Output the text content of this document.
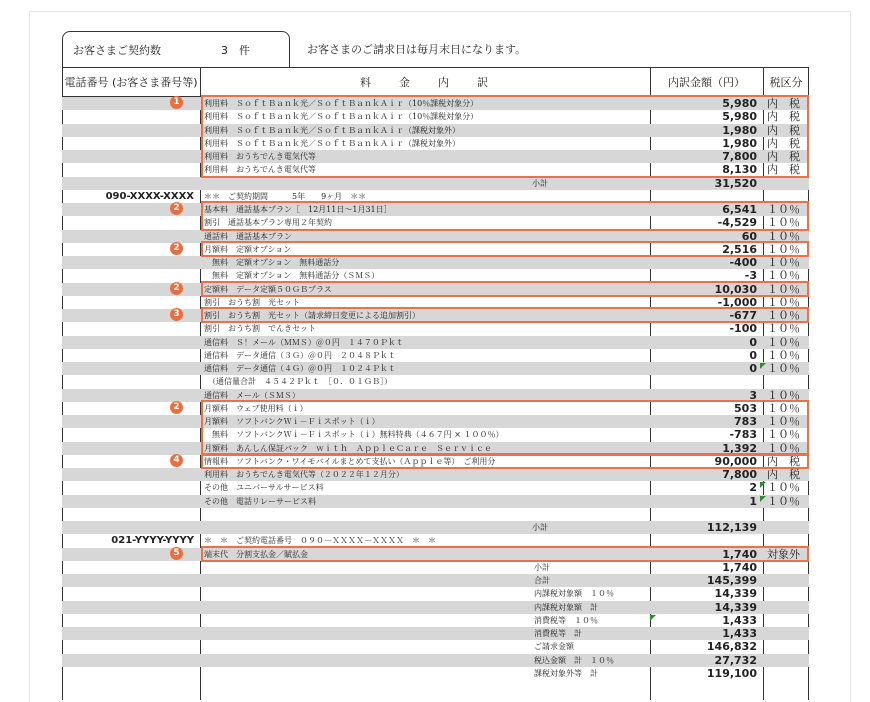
お客さまご契約数	3　件	お客さまのご請求日は毎月末日になります。
電話番号 (お客さま番号等)	料　　金　　内　　訳	内訳金額（円）	税区分
利用料　ＳｏｆｔＢａｎｋ光／ＳｏｆｔＢａｎｋＡｉｒ（10％課税対象分）	5,980 内　税
利用料　ＳｏｆｔＢａｎｋ光／ＳｏｆｔＢａｎｋＡｉｒ（10％課税対象分）	5,980 内　税
利用料　ＳｏｆｔＢａｎｋ光／ＳｏｆｔＢａｎｋＡｉｒ（課税対象外）	1,980 内　税
利用料　ＳｏｆｔＢａｎｋ光／ＳｏｆｔＢａｎｋＡｉｒ（課税対象外）	1,980 内　税
利用料　おうちでんき電気代等	7,800 内　税
利用料　おうちでんき電気代等	8,130 内　税
小計	31,520
090-XXXX-XXXX	＊＊　ご契約期間　　　5年　　9ヶ月　＊＊
基本料　通話基本プラン［　12月11日〜1月31日］	6,541 １０％
割引　通話基本プラン専用２年契約	-4,529 １０％
通話料　通話基本プラン	60 １０％
月額料　定額オプション	2,516 １０％
　無料　定額オプション　無料通話分	-400 １０％
　無料　定額オプション　無料通話分（ＳＭＳ）	-3 １０％
定額料　データ定額５０ＧＢプラス	10,030 １０％
割引　おうち割　光セット	-1,000 １０％
割引　おうち割　光セット（請求締日変更による追加割引）	-677 １０％
割引　おうち割　でんきセット	-100 １０％
通信料　Ｓ！メール（ＭＭＳ）＠０円　１４７０Ｐｋｔ	0 １０％
通信料　データ通信（３Ｇ）＠０円　２０４８Ｐｋｔ	0 １０％
通信料　データ通信（４Ｇ）＠０円　１０２４Ｐｋｔ	0 １０％
　（通信量合計　４５４２Ｐｋｔ　［０．０１ＧＢ］）
通信料　メール（ＳＭＳ）	3 １０％
月額料　ウェブ使用料（ｉ）	503 １０％
月額料　ソフトバンクＷｉ－Ｆｉスポット（ｉ）	783 １０％
　無料　ソフトバンクＷｉ－Ｆｉスポット（ｉ）無料特典（４６７円 × １００％）	-783 １０％
月額料　あんしん保証パック　ｗｉｔｈ　ＡｐｐｌｅＣａｒｅ　Ｓｅｒｖｉｃｅ	1,392 １０％
情報料　ソフトバンク・ワイモバイルまとめて支払い（Ａｐｐｌｅ等）　ご利用分	90,000 内　税
利用料　おうちでんき電気代等（２０２２年１２月分）	7,800 内　税
その他　ユニバーサルサービス料	2 １０％
その他　電話リレーサービス料	1 １０％
小計	112,139
021-YYYY-YYYY	＊　＊　ご契約電話番号　０９０－ＸＸＸＸ－ＸＸＸＸ　＊　＊
端末代　分割支払金／賦払金	1,740 対象外
小計	1,740
合計	145,399
内課税対象額　１０％	14,339
内課税対象額　計	14,339
消費税等　１０％	1,433
消費税等　計	1,433
ご請求金額	146,832
税込金額　計　１０％	27,732
課税対象外等　計	119,100
1
2
2
2
3
2
4
5
